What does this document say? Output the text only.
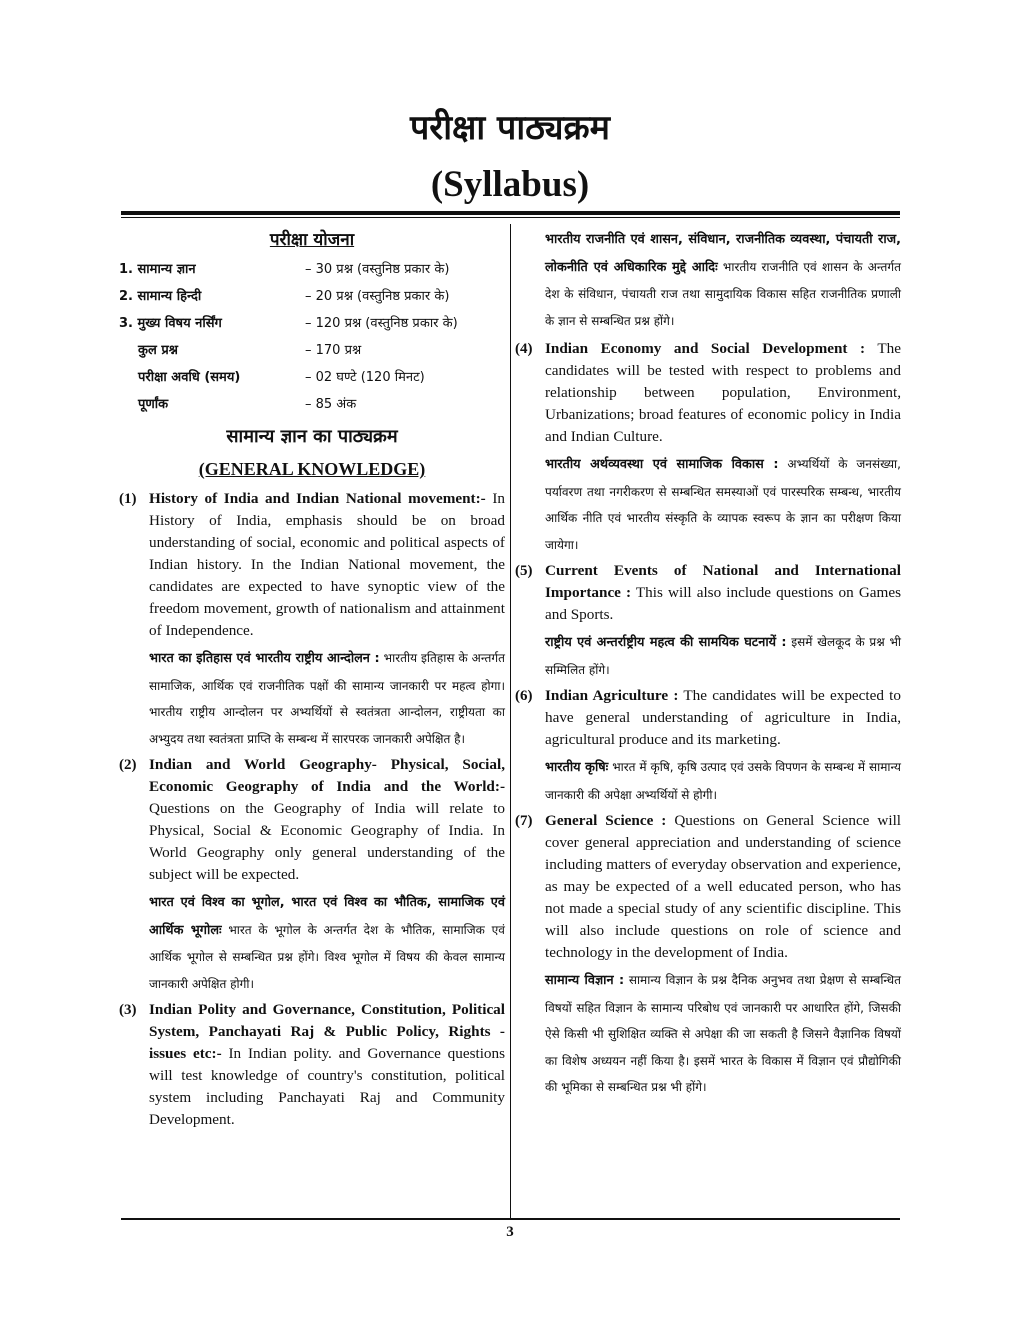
परीक्षा पाठ्यक्रम
(Syllabus)
परीक्षा योजना
1. सामान्य ज्ञान	– 30 प्रश्न (वस्तुनिष्ठ प्रकार के)
2. सामान्य हिन्दी	– 20 प्रश्न (वस्तुनिष्ठ प्रकार के)
3. मुख्य विषय नर्सिंग	– 120 प्रश्न (वस्तुनिष्ठ प्रकार के)
कुल प्रश्न	– 170 प्रश्न
परीक्षा अवधि (समय)	– 02 घण्टे (120 मिनट)
पूर्णांक	– 85 अंक
सामान्य ज्ञान का पाठ्यक्रम
(GENERAL KNOWLEDGE)
(1) History of India and Indian National movement:- In History of India, emphasis should be on broad understanding of social, economic and political aspects of Indian history. In the Indian National movement, the candidates are expected to have synoptic view of the freedom movement, growth of nationalism and attainment of Independence.

भारत का इतिहास एवं भारतीय राष्ट्रीय आन्दोलन : भारतीय इतिहास के अन्तर्गत सामाजिक, आर्थिक एवं राजनीतिक पक्षों की सामान्य जानकारी पर महत्व होगा। भारतीय राष्ट्रीय आन्दोलन पर अभ्यर्थियों से स्वतंत्रता आन्दोलन, राष्ट्रीयता का अभ्युदय तथा स्वतंत्रता प्राप्ति के सम्बन्ध में सारपरक जानकारी अपेक्षित है।

(2) Indian and World Geography- Physical, Social, Economic Geography of India and the World:- Questions on the Geography of India will relate to Physical, Social & Economic Geography of India. In World Geography only general understanding of the subject will be expected.

भारत एवं विश्व का भूगोल, भारत एवं विश्व का भौतिक, सामाजिक एवं आर्थिक भूगोलः भारत के भूगोल के अन्तर्गत देश के भौतिक, सामाजिक एवं आर्थिक भूगोल से सम्बन्धित प्रश्न होंगे। विश्व भूगोल में विषय की केवल सामान्य जानकारी अपेक्षित होगी।

(3) Indian Polity and Governance, Constitution, Political System, Panchayati Raj & Public Policy, Rights - issues etc:- In Indian polity. and Governance questions will test knowledge of country's constitution, political system including Panchayati Raj and Community Development.

भारतीय राजनीति एवं शासन, संविधान, राजनीतिक व्यवस्था, पंचायती राज, लोकनीति एवं अधिकारिक मुद्दे आदिः भारतीय राजनीति एवं शासन के अन्तर्गत देश के संविधान, पंचायती राज तथा सामुदायिक विकास सहित राजनीतिक प्रणाली के ज्ञान से सम्बन्धित प्रश्न होंगे।

(4) Indian Economy and Social Development : The candidates will be tested with respect to problems and relationship between population, Environment, Urbanizations; broad features of economic policy in India and Indian Culture.

भारतीय अर्थव्यवस्था एवं सामाजिक विकास : अभ्यर्थियों के जनसंख्या, पर्यावरण तथा नगरीकरण से सम्बन्धित समस्याओं एवं पारस्परिक सम्बन्ध, भारतीय आर्थिक नीति एवं भारतीय संस्कृति के व्यापक स्वरूप के ज्ञान का परीक्षण किया जायेगा।

(5) Current Events of National and International Importance : This will also include questions on Games and Sports.

राष्ट्रीय एवं अन्तर्राष्ट्रीय महत्व की सामयिक घटनायें : इसमें खेलकूद के प्रश्न भी सम्मिलित होंगे।

(6) Indian Agriculture : The candidates will be expected to have general understanding of agriculture in India, agricultural produce and its marketing.

भारतीय कृषिः भारत में कृषि, कृषि उत्पाद एवं उसके विपणन के सम्बन्ध में सामान्य जानकारी की अपेक्षा अभ्यर्थियों से होगी।

(7) General Science : Questions on General Science will cover general appreciation and understanding of science including matters of everyday observation and experience, as may be expected of a well educated person, who has not made a special study of any scientific discipline. This will also include questions on role of science and technology in the development of India.

सामान्य विज्ञान : सामान्य विज्ञान के प्रश्न दैनिक अनुभव तथा प्रेक्षण से सम्बन्धित विषयों सहित विज्ञान के सामान्य परिबोध एवं जानकारी पर आधारित होंगे, जिसकी ऐसे किसी भी सुशिक्षित व्यक्ति से अपेक्षा की जा सकती है जिसने वैज्ञानिक विषयों का विशेष अध्ययन नहीं किया है। इसमें भारत के विकास में विज्ञान एवं प्रौद्योगिकी की भूमिका से सम्बन्धित प्रश्न भी होंगे।

3
